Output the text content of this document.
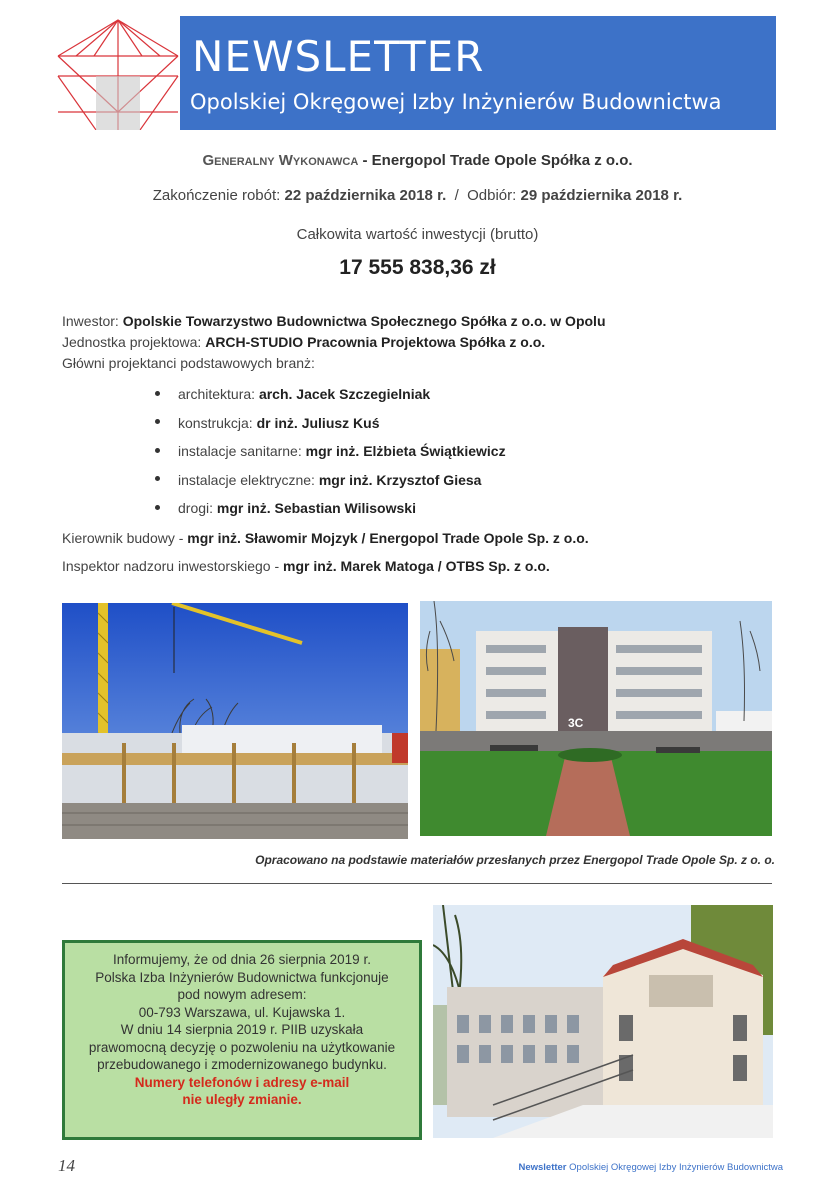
NEWSLETTER
Opolskiej Okręgowej Izby Inżynierów Budownictwa
Generalny Wykonawca - Energopol Trade Opole Spółka z o.o.
Zakończenie robót: 22 października 2018 r. / Odbiór: 29 października 2018 r.
Całkowita wartość inwestycji (brutto)
17 555 838,36 zł
Inwestor: Opolskie Towarzystwo Budownictwa Społecznego Spółka z o.o. w Opolu
Jednostka projektowa: ARCH-STUDIO Pracownia Projektowa Spółka z o.o.
Główni projektanci podstawowych branż:
architektura: arch. Jacek Szczegielniak
konstrukcja: dr inż. Juliusz Kuś
instalacje sanitarne: mgr inż. Elżbieta Świątkiewicz
instalacje elektryczne: mgr inż. Krzysztof Giesa
drogi: mgr inż. Sebastian Wilisowski
Kierownik budowy - mgr inż. Sławomir Mojzyk / Energopol Trade Opole Sp. z o.o.
Inspektor nadzoru inwestorskiego - mgr inż. Marek Matoga / OTBS Sp. z o.o.
3C
Opracowano na podstawie materiałów przesłanych przez Energopol Trade Opole Sp. z o. o.
Informujemy, że od dnia 26 sierpnia 2019 r.
Polska Izba Inżynierów Budownictwa funkcjonuje
pod nowym adresem:
00-793 Warszawa, ul. Kujawska 1.
W dniu 14 sierpnia 2019 r. PIIB uzyskała
prawomocną decyzję o pozwoleniu na użytkowanie
przebudowanego i zmodernizowanego budynku.
Numery telefonów i adresy e-mail
nie uległy zmianie.
14	Newsletter Opolskiej Okręgowej Izby Inżynierów Budownictwa
